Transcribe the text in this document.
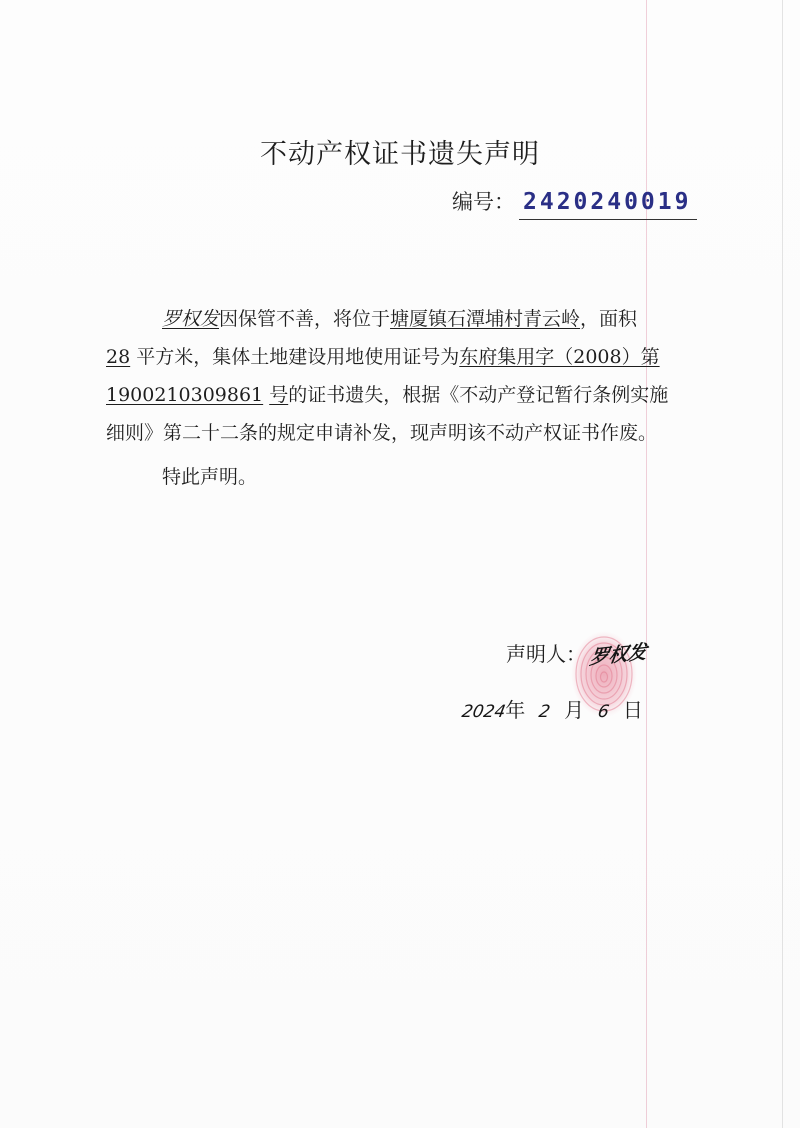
不动产权证书遗失声明
编号： 2420240019
罗权发因保管不善，将位于塘厦镇石潭埔村青云岭，面积
28 平方米，集体土地建设用地使用证号为东府集用字（2008）第
1900210309861 号的证书遗失，根据《不动产登记暂行条例实施
细则》第二十二条的规定申请补发，现声明该不动产权证书作废。
特此声明。
声明人： 罗权发
2024年 2 月 6 日
